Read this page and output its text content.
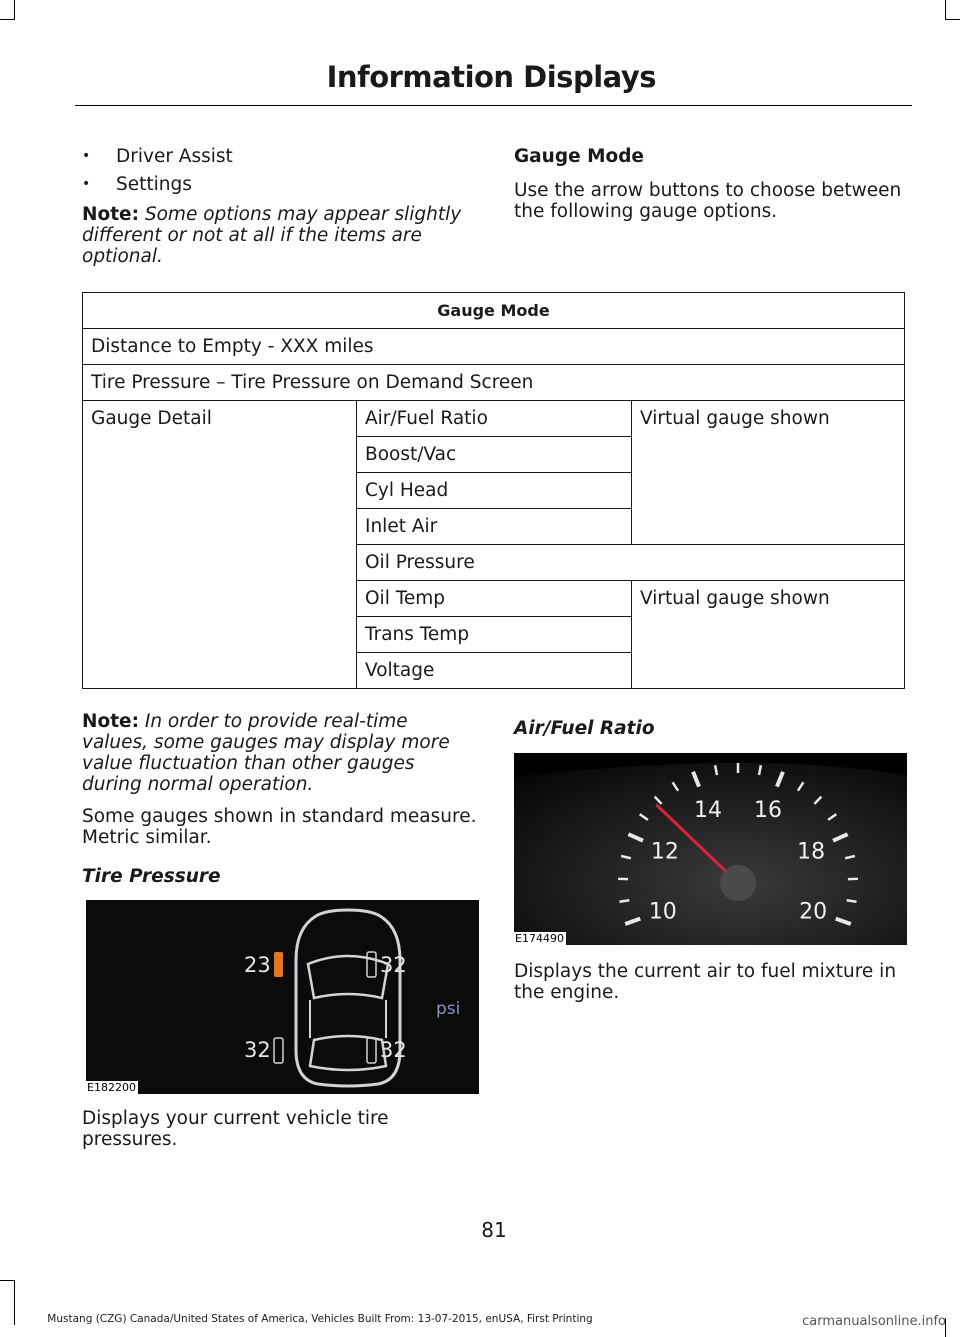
Information Displays
•	Driver Assist
•	Settings
Note: Some options may appear slightly different or not at all if the items are optional.
Gauge Mode
Use the arrow buttons to choose between the following gauge options.
Gauge Mode		
Distance to Empty - XXX miles		
Tire Pressure – Tire Pressure on Demand Screen		
Gauge Detail	Air/Fuel Ratio	Virtual gauge shown
	Boost/Vac	
	Cyl Head	
	Inlet Air	
	Oil Pressure	
	Oil Temp	Virtual gauge shown
	Trans Temp	
	Voltage	
Note: In order to provide real-time values, some gauges may display more value fluctuation than other gauges during normal operation.
Some gauges shown in standard measure. Metric similar.
Tire Pressure
23	32
32	32
psi
E182200
Displays your current vehicle tire pressures.
Air/Fuel Ratio
10
12
14 16
18
20
E174490
Displays the current air to fuel mixture in the engine.
81
Mustang (CZG) Canada/United States of America, Vehicles Built From: 13-07-2015, enUSA, First Printing	carmanualsonline.info
